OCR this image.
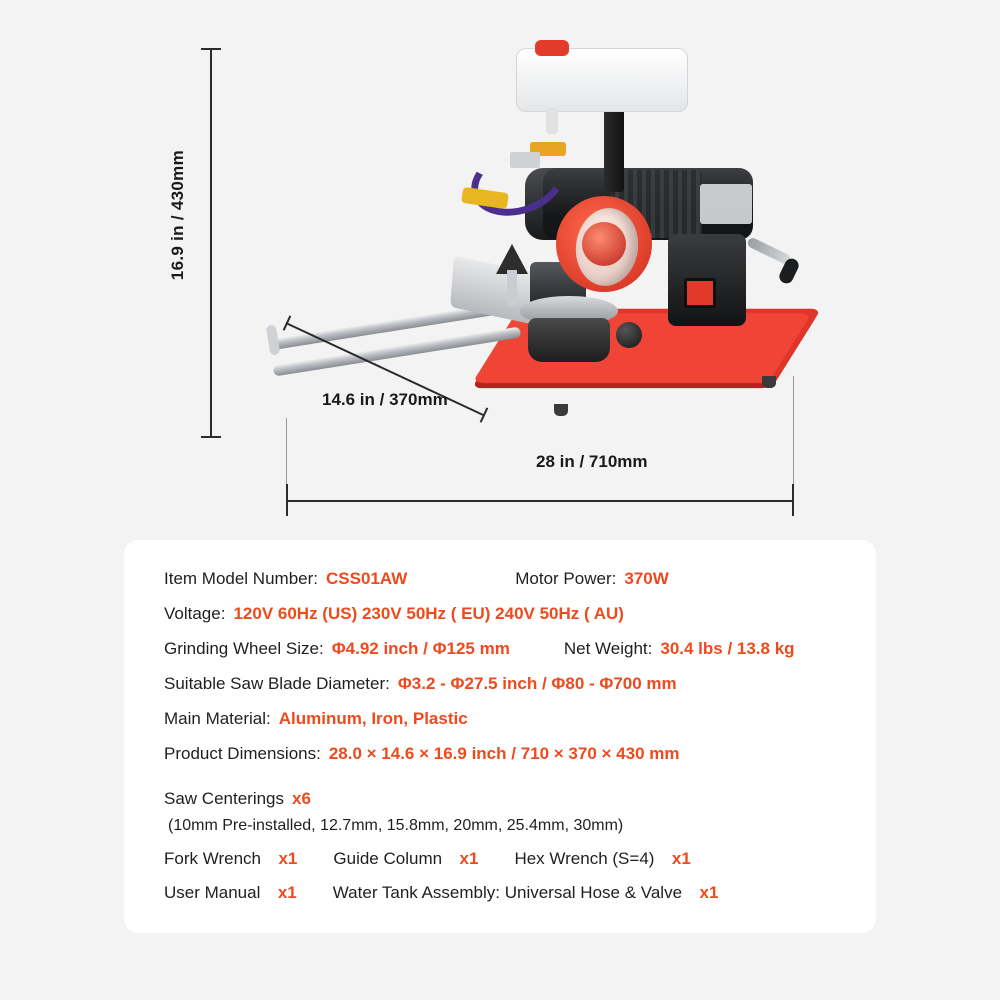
16.9 in / 430mm
14.6 in / 370mm
28 in / 710mm
Item Model Number: CSS01AW	Motor Power: 370W
Voltage: 120V 60Hz (US) 230V 50Hz ( EU) 240V 50Hz ( AU)
Grinding Wheel Size: Φ4.92 inch / Φ125 mm	Net Weight: 30.4 lbs / 13.8 kg
Suitable Saw Blade Diameter: Φ3.2 - Φ27.5 inch / Φ80 - Φ700 mm
Main Material: Aluminum, Iron, Plastic
Product Dimensions: 28.0 × 14.6 × 16.9 inch / 710 × 370 × 430 mm
Saw Centerings x6
(10mm Pre-installed, 12.7mm, 15.8mm, 20mm, 25.4mm, 30mm)
Fork Wrench x1 Guide Column x1 Hex Wrench (S=4) x1
User Manual x1 Water Tank Assembly: Universal Hose & Valve x1
